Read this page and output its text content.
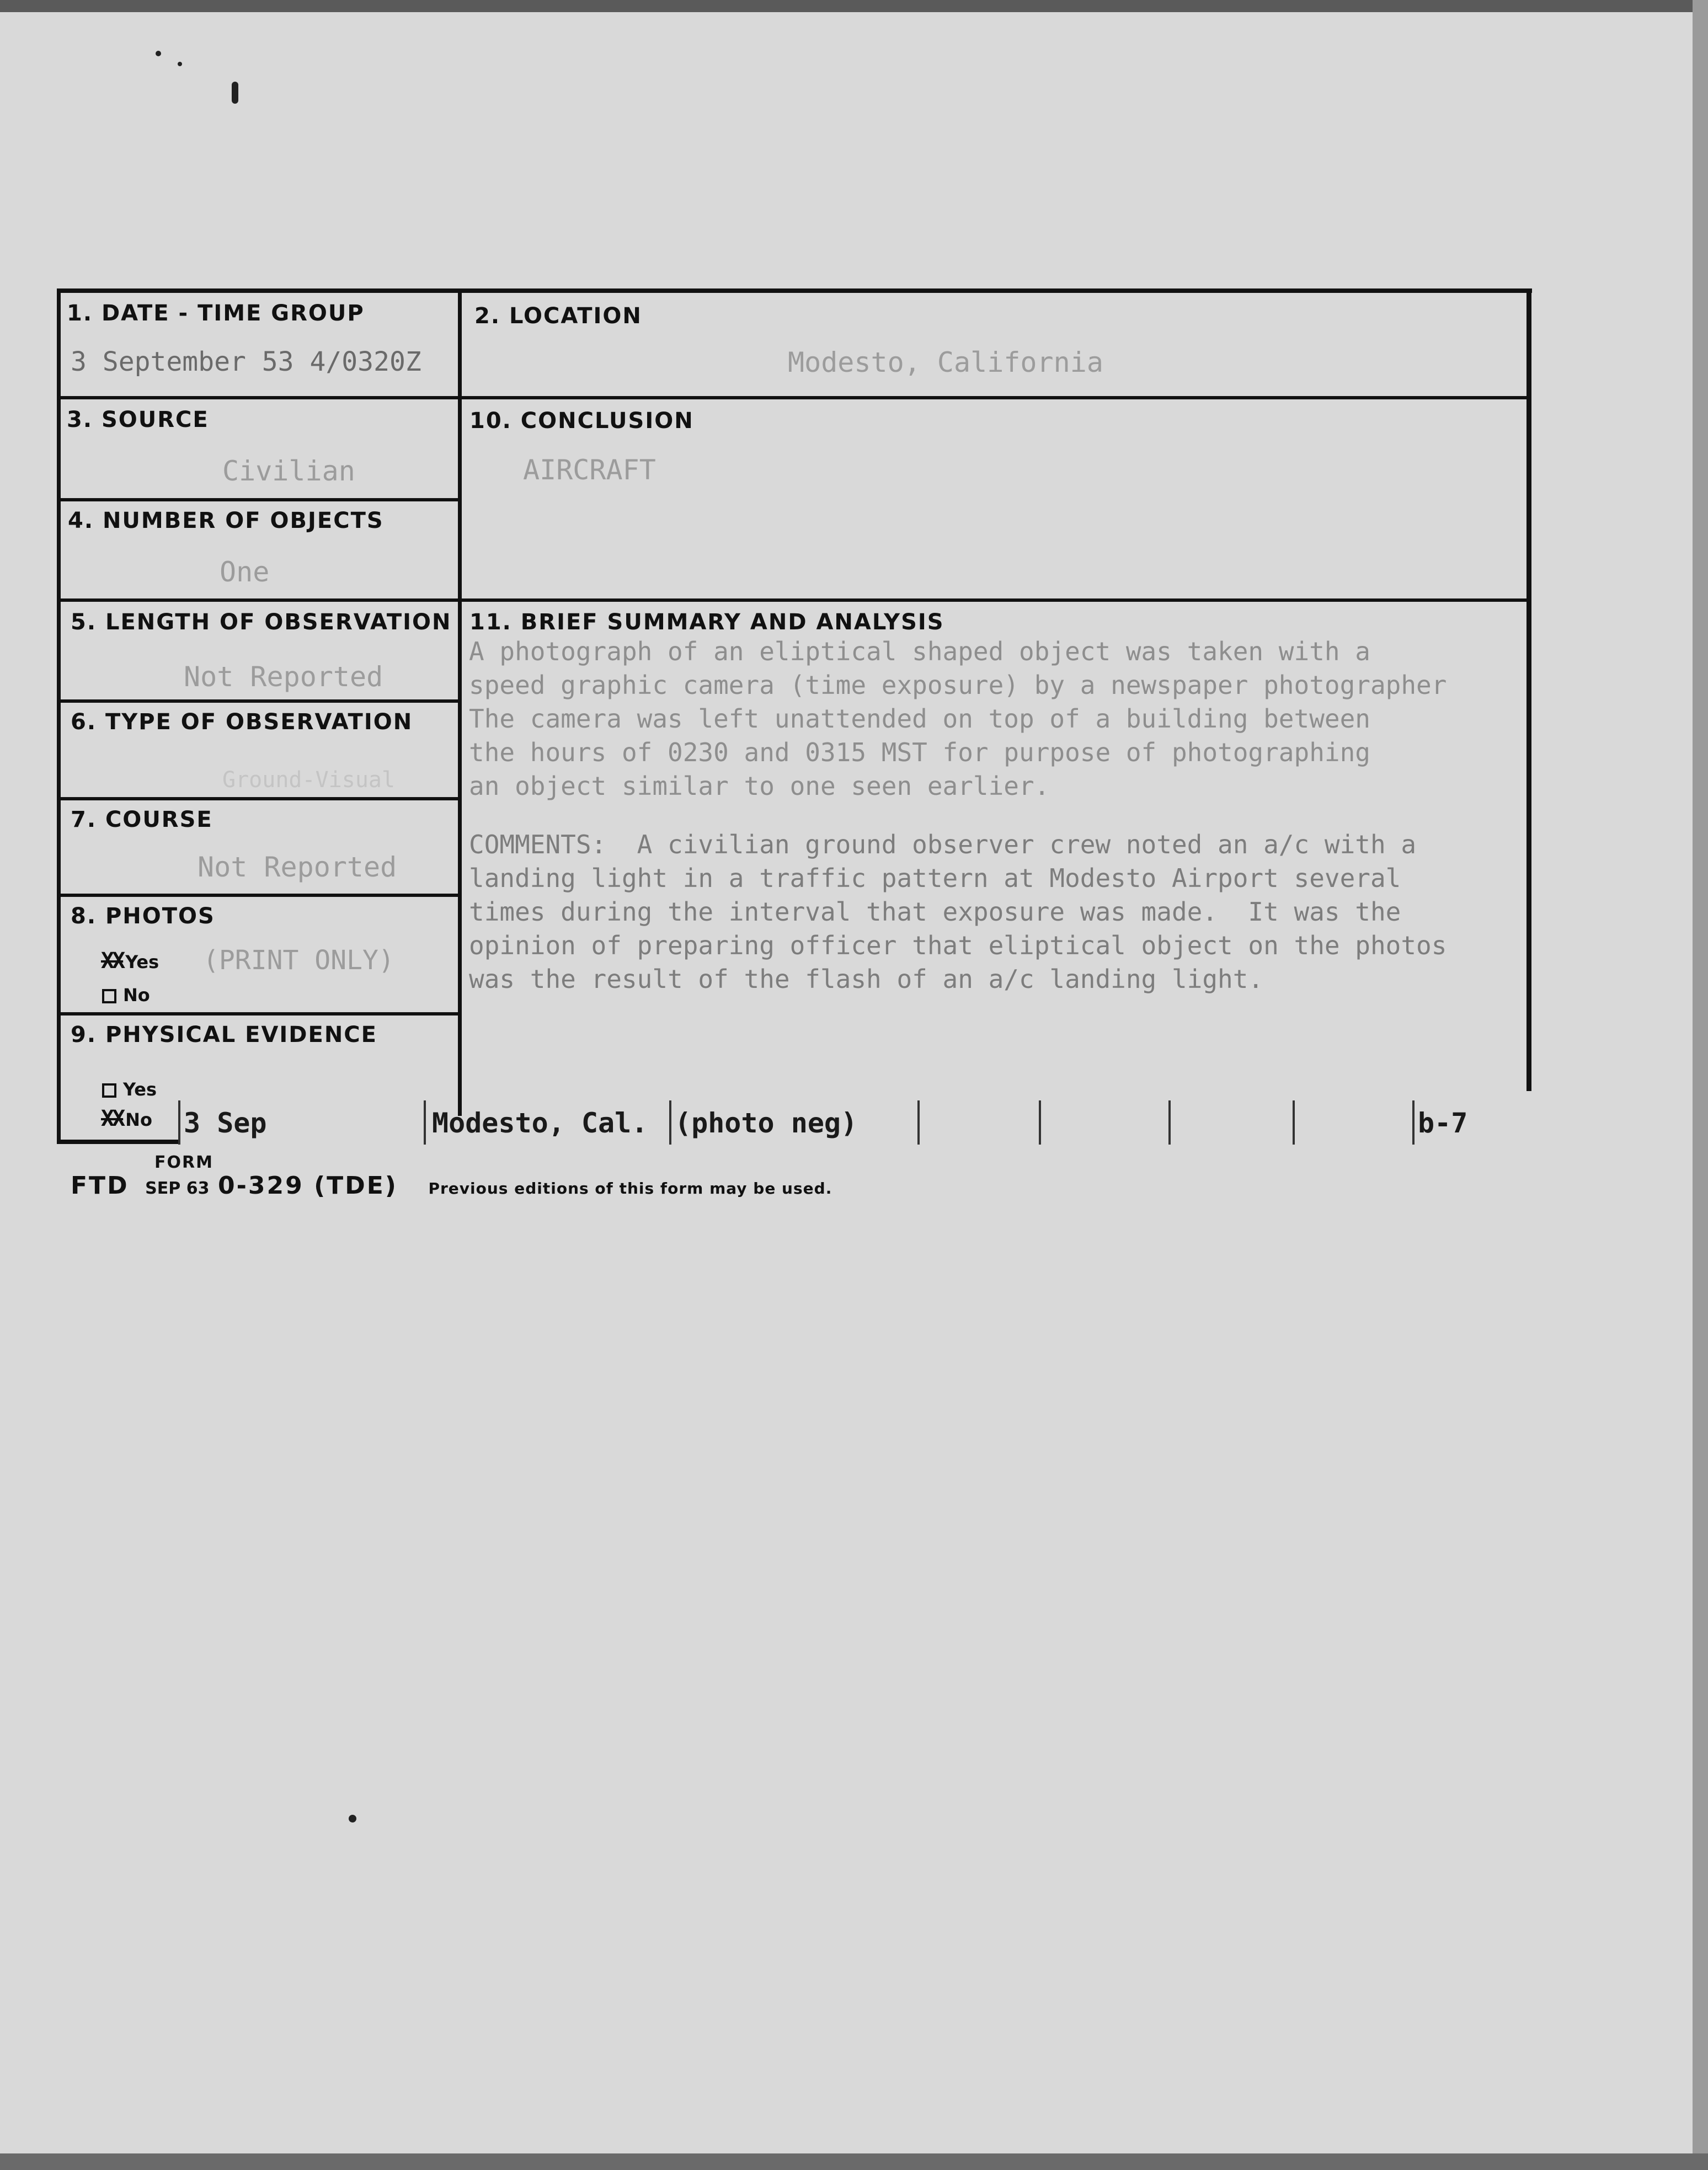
1. DATE - TIME GROUP
3 September 53 4/0320Z
2. LOCATION
Modesto, California
3. SOURCE
Civilian
10. CONCLUSION
AIRCRAFT
4. NUMBER OF OBJECTS
One
5. LENGTH OF OBSERVATION
Not Reported
11. BRIEF SUMMARY AND ANALYSIS
A photograph of an eliptical shaped object was taken with a
speed graphic camera (time exposure) by a newspaper photographer
The camera was left unattended on top of a building between
the hours of 0230 and 0315 MST for purpose of photographing
an object similar to one seen earlier.
COMMENTS:  A civilian ground observer crew noted an a/c with a
landing light in a traffic pattern at Modesto Airport several
times during the interval that exposure was made.  It was the
opinion of preparing officer that eliptical object on the photos
was the result of the flash of an a/c landing light.
6. TYPE OF OBSERVATION
Ground-Visual
7. COURSE
Not Reported
8. PHOTOS
XX Yes (PRINT ONLY)
No
9. PHYSICAL EVIDENCE
Yes
XX No 3 Sep	Modesto, Cal. (photo neg)	b-7
FORM
FTD SEP 63 0-329 (TDE) Previous editions of this form may be used.
